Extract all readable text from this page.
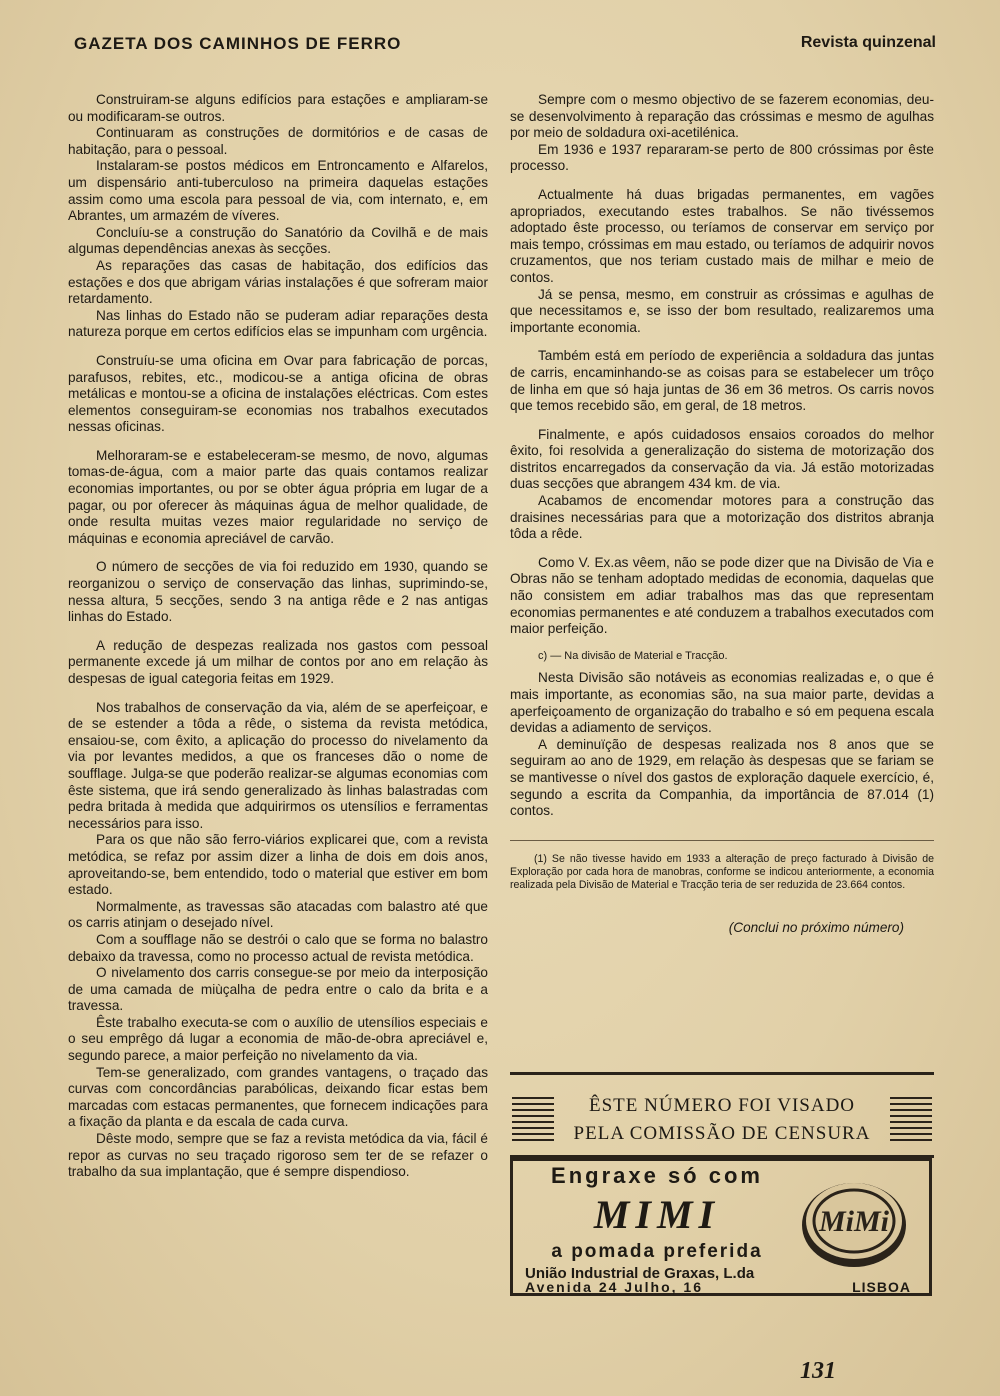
GAZETA DOS CAMINHOS DE FERRO	Revista quinzenal

Construiram-se alguns edifícios para estações e ampliaram-se ou modificaram-se outros.

Continuaram as construções de dormitórios e de casas de habitação, para o pessoal.

Instalaram-se postos médicos em Entroncamento e Alfarelos, um dispensário anti-tuberculoso na primeira daquelas estações assim como uma escola para pessoal de via, com internato, e, em Abrantes, um armazém de víveres.

Concluíu-se a construção do Sanatório da Covilhã e de mais algumas dependências anexas às secções.

As reparações das casas de habitação, dos edifícios das estações e dos que abrigam várias instalações é que sofreram maior retardamento.

Nas linhas do Estado não se puderam adiar reparações desta natureza porque em certos edifícios elas se impunham com urgência.

Construíu-se uma oficina em Ovar para fabricação de porcas, parafusos, rebites, etc., modicou-se a antiga oficina de obras metálicas e montou-se a oficina de instalações eléctricas. Com estes elementos conseguiram-se economias nos trabalhos executados nessas oficinas.

Melhoraram-se e estabeleceram-se mesmo, de novo, algumas tomas-de-água, com a maior parte das quais contamos realizar economias importantes, ou por se obter água própria em lugar de a pagar, ou por oferecer às máquinas água de melhor qualidade, de onde resulta muitas vezes maior regularidade no serviço de máquinas e economia apreciável de carvão.

O número de secções de via foi reduzido em 1930, quando se reorganizou o serviço de conservação das linhas, suprimindo-se, nessa altura, 5 secções, sendo 3 na antiga rêde e 2 nas antigas linhas do Estado.

A redução de despezas realizada nos gastos com pessoal permanente excede já um milhar de contos por ano em relação às despesas de igual categoria feitas em 1929.

Nos trabalhos de conservação da via, além de se aperfeiçoar, e de se estender a tôda a rêde, o sistema da revista metódica, ensaiou-se, com êxito, a aplicação do processo do nivelamento da via por levantes medidos, a que os franceses dão o nome de soufflage. Julga-se que poderão realizar-se algumas economias com êste sistema, que irá sendo generalizado às linhas balastradas com pedra britada à medida que adquirirmos os utensílios e ferramentas necessários para isso.

Para os que não são ferro-viários explicarei que, com a revista metódica, se refaz por assim dizer a linha de dois em dois anos, aproveitando-se, bem entendido, todo o material que estiver em bom estado.

Normalmente, as travessas são atacadas com balastro até que os carris atinjam o desejado nível.

Com a soufflage não se destrói o calo que se forma no balastro debaixo da travessa, como no processo actual de revista metódica.

O nivelamento dos carris consegue-se por meio da interposição de uma camada de miùçalha de pedra entre o calo da brita e a travessa.

Êste trabalho executa-se com o auxílio de utensílios especiais e o seu emprêgo dá lugar a economia de mão-de-obra apreciável e, segundo parece, a maior perfeição no nivelamento da via.

Tem-se generalizado, com grandes vantagens, o traçado das curvas com concordâncias parabólicas, deixando ficar estas bem marcadas com estacas permanentes, que fornecem indicações para a fixação da planta e da escala de cada curva.

Dêste modo, sempre que se faz a revista metódica da via, fácil é repor as curvas no seu traçado rigoroso sem ter de se refazer o trabalho da sua implantação, que é sempre dispendioso.

Sempre com o mesmo objectivo de se fazerem economias, deu-se desenvolvimento à reparação das cróssimas e mesmo de agulhas por meio de soldadura oxi-acetilénica.

Em 1936 e 1937 repararam-se perto de 800 cróssimas por êste processo.

Actualmente há duas brigadas permanentes, em vagões apropriados, executando estes trabalhos. Se não tivéssemos adoptado êste processo, ou teríamos de conservar em serviço por mais tempo, cróssimas em mau estado, ou teríamos de adquirir novos cruzamentos, que nos teriam custado mais de milhar e meio de contos.

Já se pensa, mesmo, em construir as cróssimas e agulhas de que necessitamos e, se isso der bom resultado, realizaremos uma importante economia.

Também está em período de experiência a soldadura das juntas de carris, encaminhando-se as coisas para se estabelecer um trôço de linha em que só haja juntas de 36 em 36 metros. Os carris novos que temos recebido são, em geral, de 18 metros.

Finalmente, e após cuidadosos ensaios coroados do melhor êxito, foi resolvida a generalização do sistema de motorização dos distritos encarregados da conservação da via. Já estão motorizadas duas secções que abrangem 434 km. de via.

Acabamos de encomendar motores para a construção das draisines necessárias para que a motorização dos distritos abranja tôda a rêde.

Como V. Ex.as vêem, não se pode dizer que na Divisão de Via e Obras não se tenham adoptado medidas de economia, daquelas que não consistem em adiar trabalhos mas das que representam economias permanentes e até conduzem a trabalhos executados com maior perfeição.

c) — Na divisão de Material e Tracção.

Nesta Divisão são notáveis as economias realizadas e, o que é mais importante, as economias são, na sua maior parte, devidas a aperfeiçoamento de organização do trabalho e só em pequena escala devidas a adiamento de serviços.

A deminuïção de despesas realizada nos 8 anos que se seguiram ao ano de 1929, em relação às despesas que se fariam se se mantivesse o nível dos gastos de exploração daquele exercício, é, segundo a escrita da Companhia, da importância de 87.014 (1) contos.

(1) Se não tivesse havido em 1933 a alteração de preço facturado à Divisão de Exploração por cada hora de manobras, conforme se indicou anteriormente, a economia realizada pela Divisão de Material e Tracção teria de ser reduzida de 23.664 contos.
(Conclui no próximo número)
ÊSTE NÚMERO FOI VISADO
PELA COMISSÃO DE CENSURA
Engraxe só com
MIMI
a pomada preferida
União Industrial de Graxas, L.da
Avenida 24 Julho, 16	LISBOA
MiMi
131
